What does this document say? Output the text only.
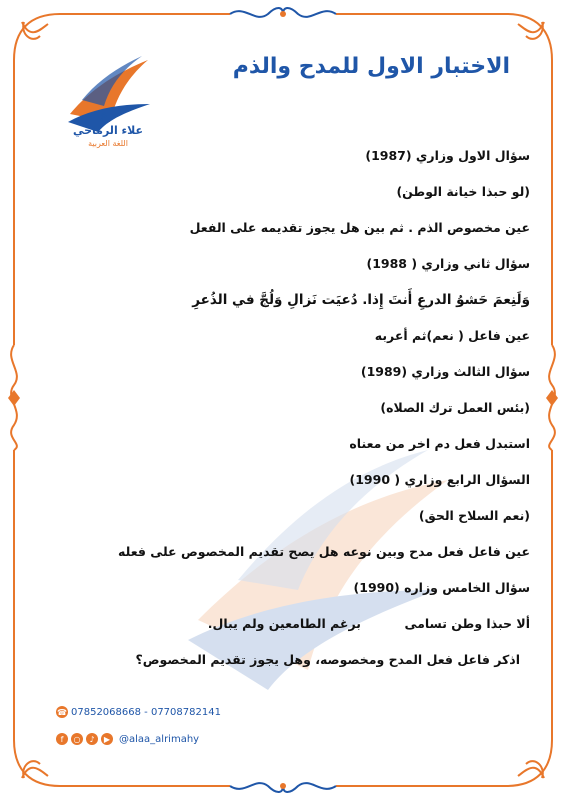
ع
علاء الرماحي
اللغة العربية
الاختبار الاول للمدح والذم
سؤال الاول وزاري (1987)
(لو حبذا خيانة الوطن)
عين مخصوص الذم . ثم بين هل يجوز تقديمه على الفعل
سؤال ثاني وزاري ( 1988)
وَلَنِعمَ حَشوُ الدرعِ أَنتَ إِذا. دُعيَت نَزالِ وَلُجَّ في الذُعرِ
عين فاعل ( نعم)ثم أعربه
سؤال الثالث وزاري (1989)
(بئس العمل ترك الصلاه)
استبدل فعل دم اخر من معناه
السؤال الرابع وزاري ( 1990)
(نعم السلاح الحق)
عين فاعل فعل مدح وبين نوعه هل يصح تقديم المخصوص على فعله
سؤال الخامس وزاره (1990)
ألا حبذا وطن تسامى          برغم الطامعين ولم يبال.
اذكر فاعل فعل المدح ومخصوصه، وهل يجوز تقديم المخصوص؟
☎ 07852068668 - 07708782141
f	○	♪	▶ @alaa_alrimahy
